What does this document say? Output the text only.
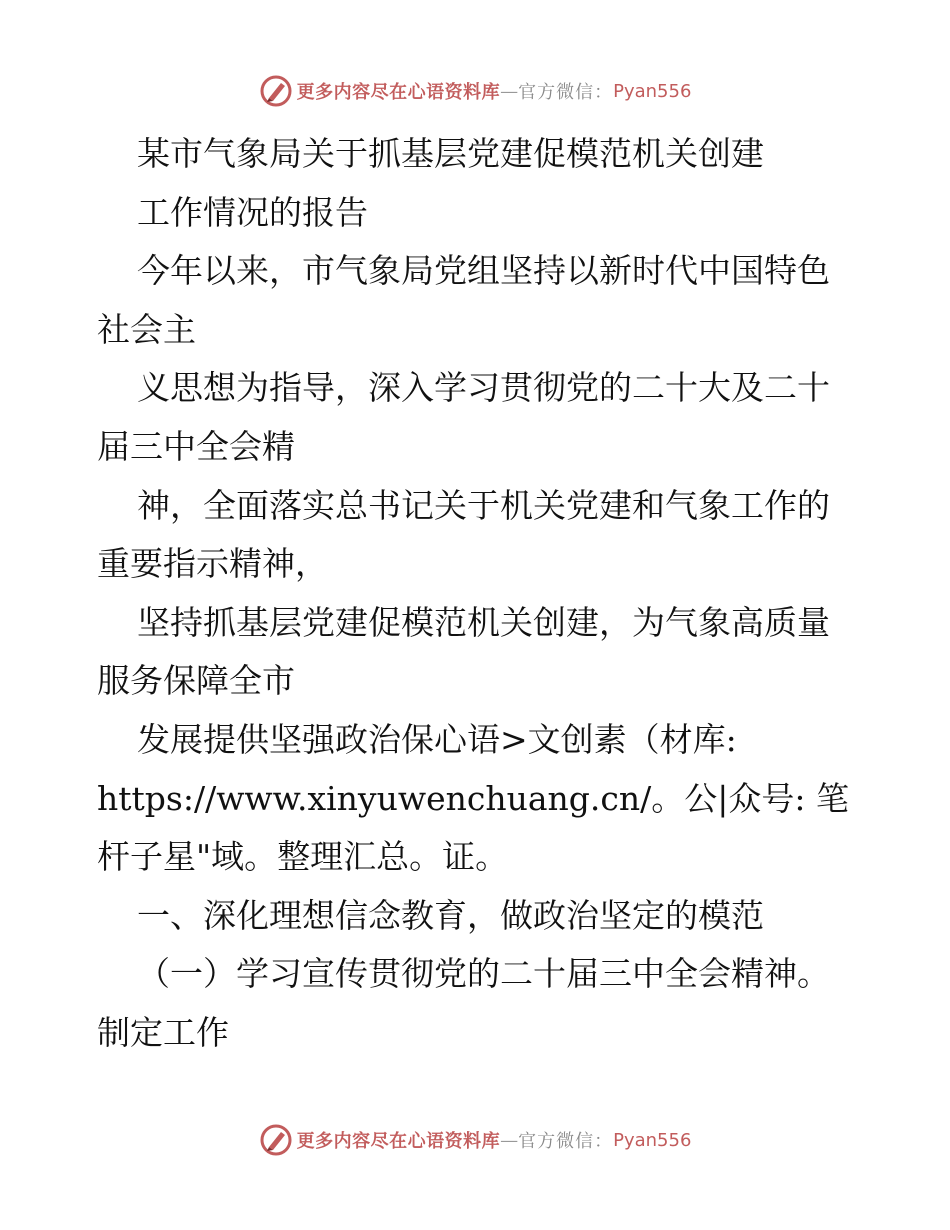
更多内容尽在心语资料库 — 官方微信： Pyan556
某市气象局关于抓基层党建促模范机关创建
工作情况的报告
今年以来，市气象局党组坚持以新时代中国特色
社会主
义思想为指导，深入学习贯彻党的二十大及二十
届三中全会精
神，全面落实总书记关于机关党建和气象工作的
重要指示精神，
坚持抓基层党建促模范机关创建，为气象高质量
服务保障全市
发展提供坚强政治保心语>文创素（材库:
https://www.xinyuwenchuang.cn/。公|众号: 笔
杆子星"域。整理汇总。证。
一、深化理想信念教育，做政治坚定的模范
（一）学习宣传贯彻党的二十届三中全会精神。
制定工作
更多内容尽在心语资料库 — 官方微信： Pyan556
